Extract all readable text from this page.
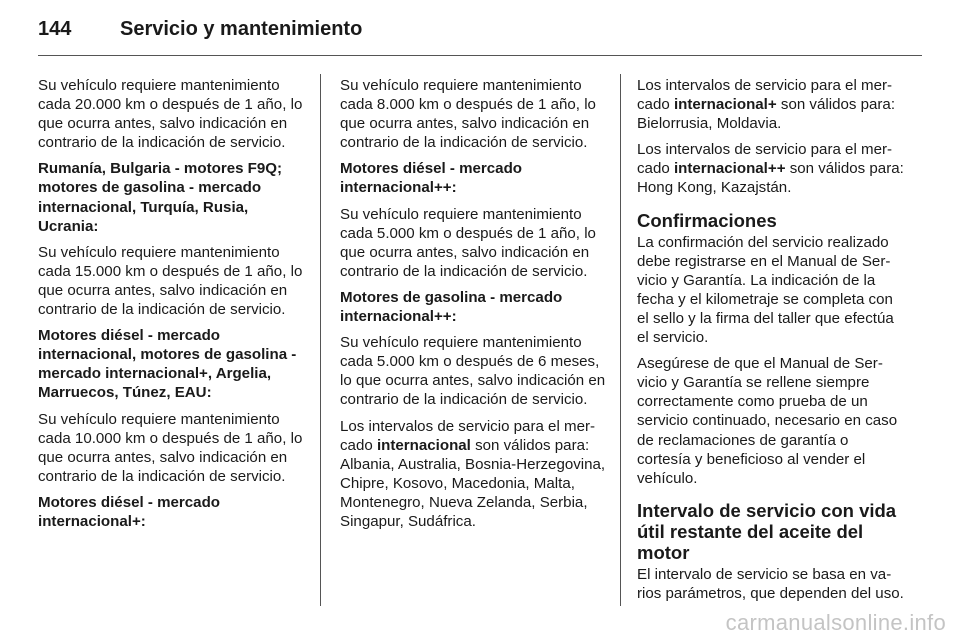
144 Servicio y mantenimiento

Su vehículo requiere mantenimiento cada 20.000 km o después de 1 año, lo que ocurra antes, salvo indicación en contrario de la indicación de servicio.

Rumanía, Bulgaria - motores F9Q; motores de gasolina - mercado internacional, Turquía, Rusia, Ucrania:

Su vehículo requiere mantenimiento cada 15.000 km o después de 1 año, lo que ocurra antes, salvo indicación en contrario de la indicación de servicio.

Motores diésel - mercado internacional, motores de gasolina - mercado internacional+, Argelia, Marruecos, Túnez, EAU:

Su vehículo requiere mantenimiento cada 10.000 km o después de 1 año, lo que ocurra antes, salvo indicación en contrario de la indicación de servicio.

Motores diésel - mercado internacional+:

Su vehículo requiere mantenimiento cada 8.000 km o después de 1 año, lo que ocurra antes, salvo indicación en contrario de la indicación de servicio.

Motores diésel - mercado internacional++:

Su vehículo requiere mantenimiento cada 5.000 km o después de 1 año, lo que ocurra antes, salvo indicación en contrario de la indicación de servicio.

Motores de gasolina - mercado internacional++:

Su vehículo requiere mantenimiento cada 5.000 km o después de 6 meses, lo que ocurra antes, salvo indicación en contrario de la indicación de servicio.

Los intervalos de servicio para el mercado internacional son válidos para: Albania, Australia, Bosnia-Herzegovina, Chipre, Kosovo, Macedonia, Malta, Montenegro, Nueva Zelanda, Serbia, Singapur, Sudáfrica.

Los intervalos de servicio para el mercado internacional+ son válidos para: Bielorrusia, Moldavia.

Los intervalos de servicio para el mercado internacional++ son válidos para: Hong Kong, Kazajstán.

Confirmaciones

La confirmación del servicio realizado debe registrarse en el Manual de Servicio y Garantía. La indicación de la fecha y el kilometraje se completa con el sello y la firma del taller que efectúa el servicio.

Asegúrese de que el Manual de Servicio y Garantía se rellene siempre correctamente como prueba de un servicio continuado, necesario en caso de reclamaciones de garantía o cortesía y beneficioso al vender el vehículo.

Intervalo de servicio con vida útil restante del aceite del motor

El intervalo de servicio se basa en varios parámetros, que dependen del uso.

carmanualsonline.info
